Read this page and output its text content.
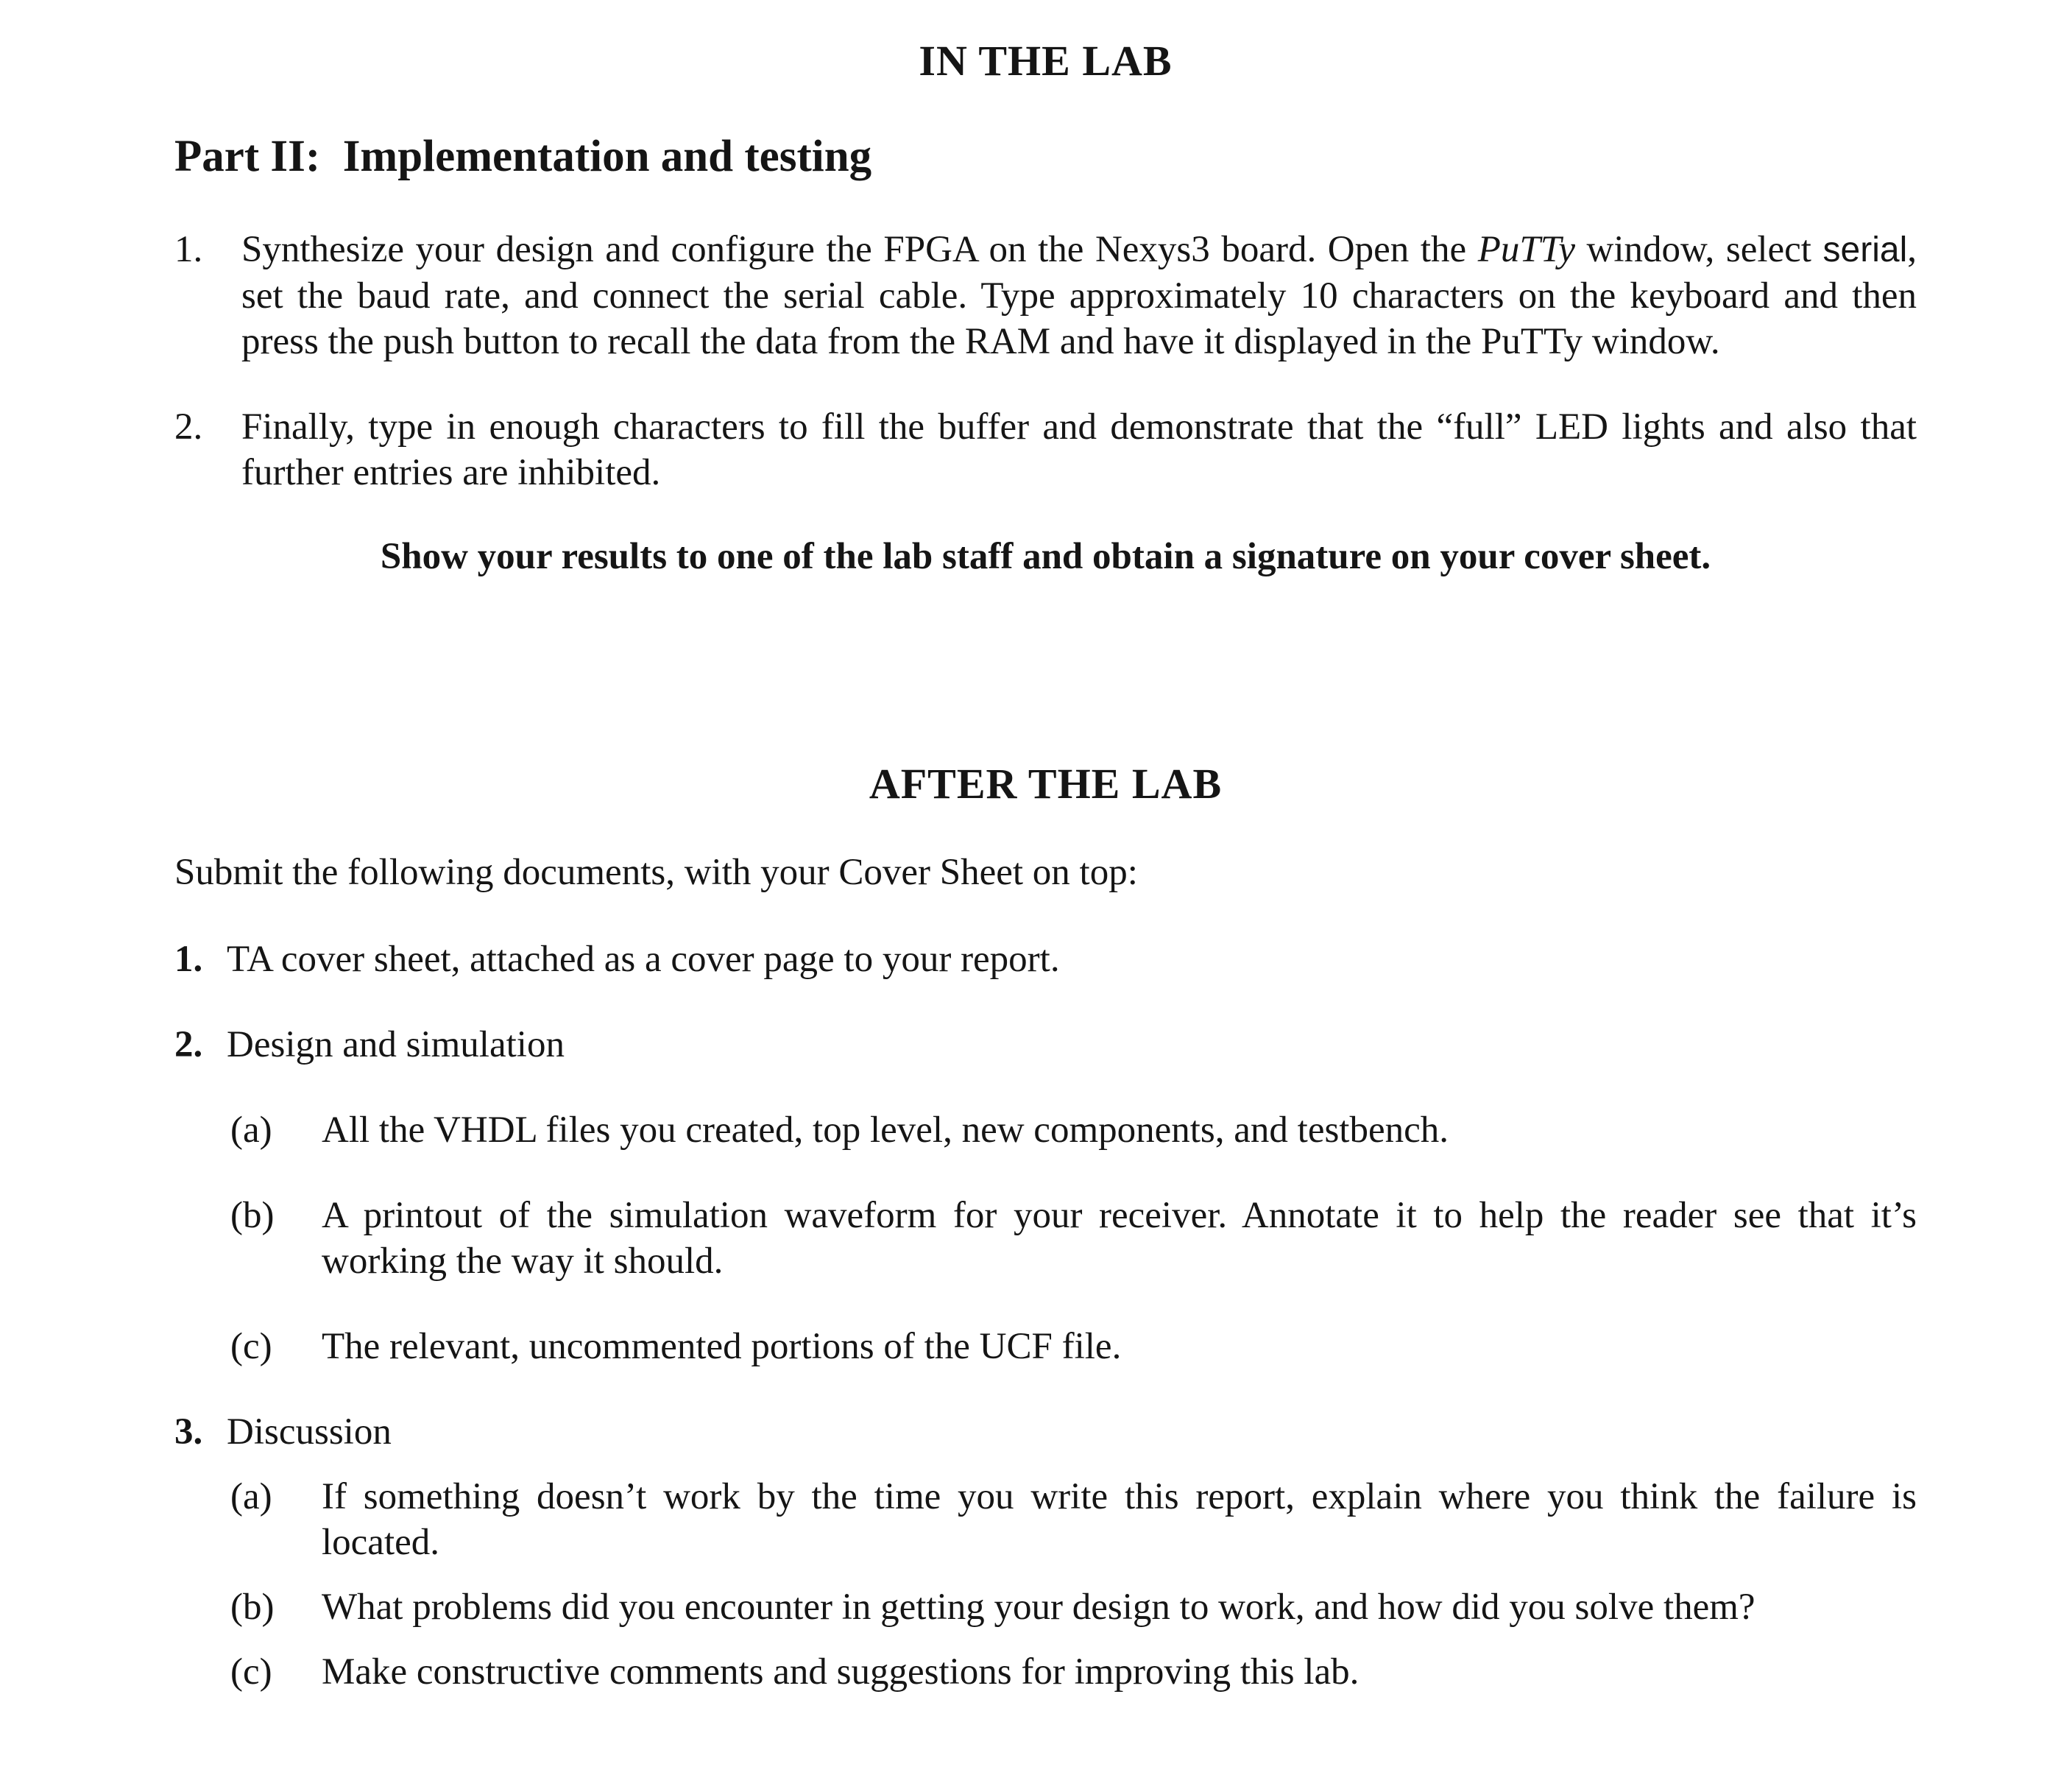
IN THE LAB
Part II:  Implementation and testing
1.	Synthesize your design and configure the FPGA on the Nexys3 board. Open the PuTTy window, select serial, set the baud rate, and connect the serial cable. Type approximately 10 characters on the keyboard and then press the push button to recall the data from the RAM and have it displayed in the PuTTy window.
2.	Finally, type in enough characters to fill the buffer and demonstrate that the “full” LED lights and also that further entries are inhibited.
Show your results to one of the lab staff and obtain a signature on your cover sheet.
AFTER THE LAB
Submit the following documents, with your Cover Sheet on top:
1. TA cover sheet, attached as a cover page to your report.
2. Design and simulation
(a)	All the VHDL files you created, top level, new components, and testbench.
(b)	A printout of the simulation waveform for your receiver. Annotate it to help the reader see that it’s working the way it should.
(c)	The relevant, uncommented portions of the UCF file.
3. Discussion
(a)	If something doesn’t work by the time you write this report, explain where you think the failure is located.
(b)	What problems did you encounter in getting your design to work, and how did you solve them?
(c)	Make constructive comments and suggestions for improving this lab.
